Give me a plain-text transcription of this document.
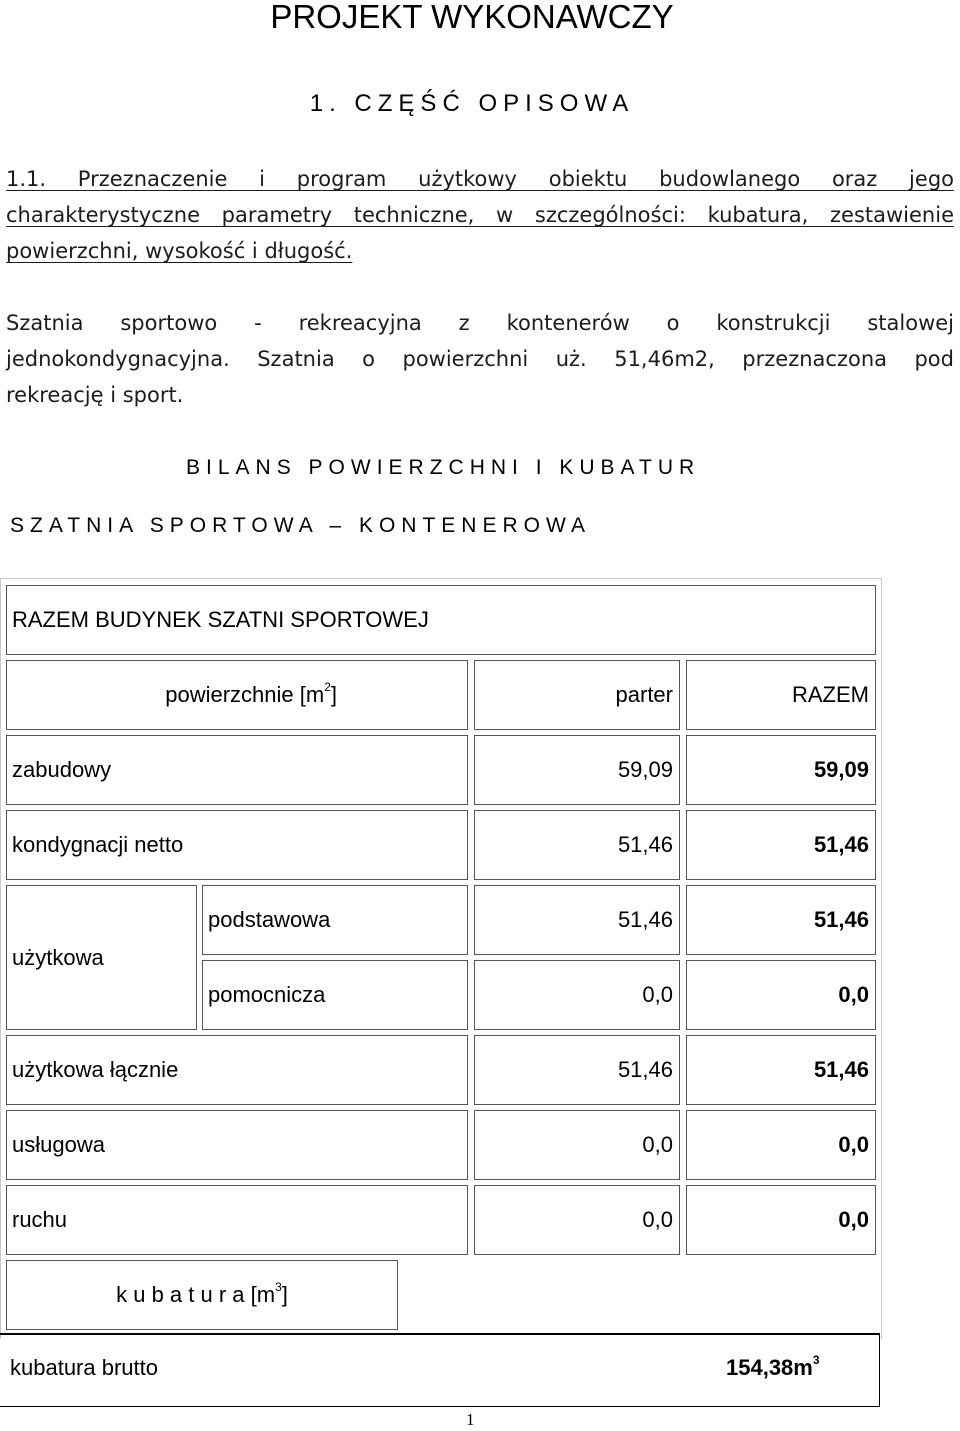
PROJEKT WYKONAWCZY
1. CZĘŚĆ OPISOWA
1.1. Przeznaczenie i program użytkowy obiektu budowlanego oraz jego
charakterystyczne parametry techniczne, w szczególności: kubatura, zestawienie
powierzchni, wysokość i długość.
Szatnia sportowo - rekreacyjna z kontenerów o konstrukcji stalowej
jednokondygnacyjna. Szatnia o powierzchni uż. 51,46m2, przeznaczona pod
rekreację i sport.
BILANS POWIERZCHNI I KUBATUR
SZATNIA SPORTOWA – KONTENEROWA
RAZEM BUDYNEK SZATNI SPORTOWEJ
powierzchnie $[m^2]$	parter	RAZEM
zabudowy	59,09	59,09
kondygnacji netto	51,46	51,46
użytkowa
podstawowa	51,46	51,46
pomocnicza	0,0	0,0
użytkowa łącznie	51,46	51,46
usługowa	0,0	0,0
ruchu	0,0	0,0
k u b a t u r a $[m^3]$
kubatura brutto	$154,38m^3$
1
